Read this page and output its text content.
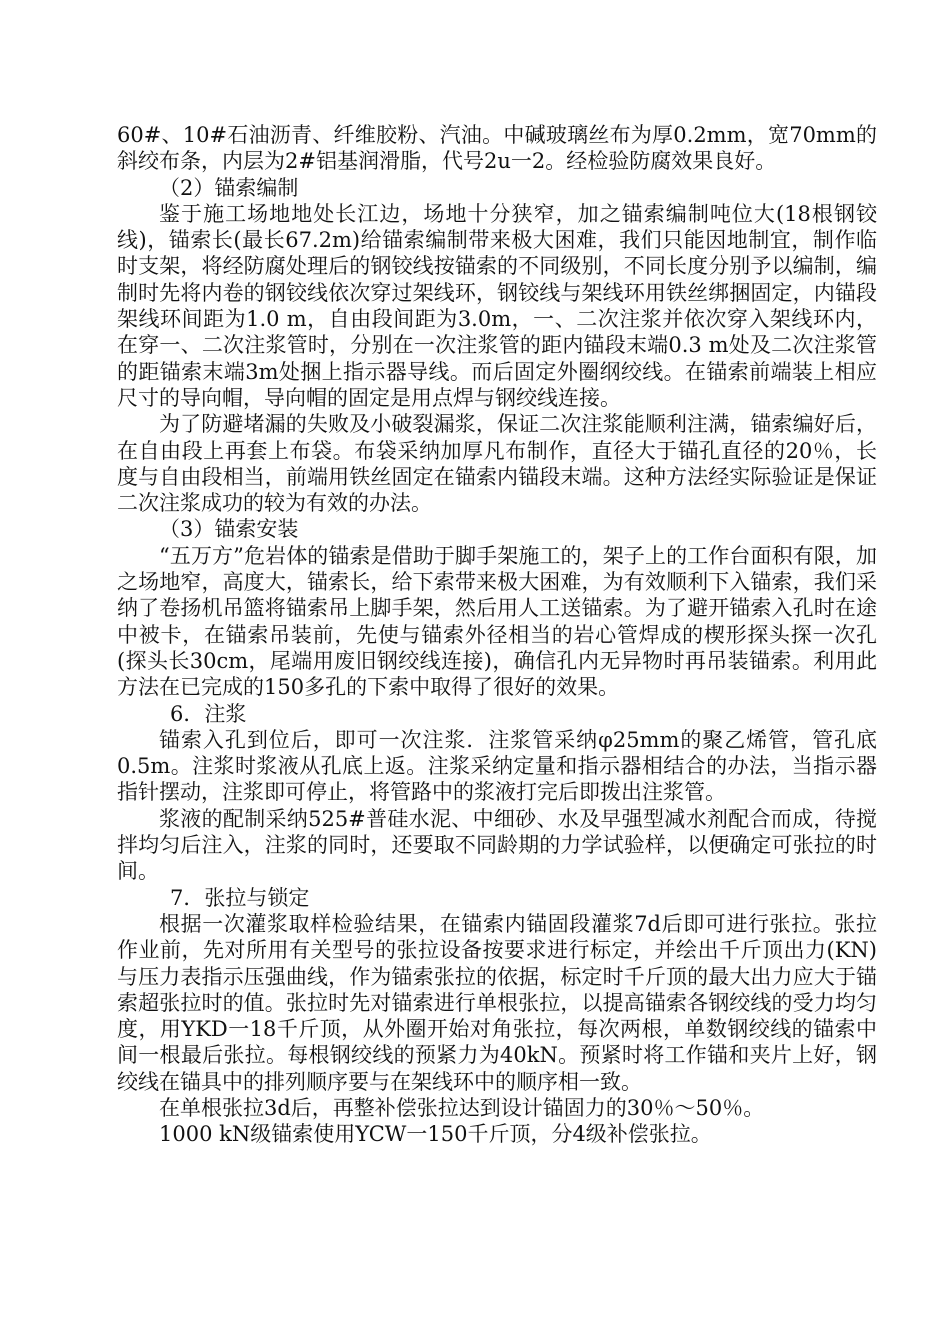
60#、10#石油沥青、纤维胶粉、汽油。中碱玻璃丝布为厚0.2mm，宽70mm的斜绞布条，内层为2#铝基润滑脂，代号2u一2。经检验防腐效果良好。

（2）锚索编制

鉴于施工场地地处长江边，场地十分狭窄，加之锚索编制吨位大(18根钢铰线)，锚索长(最长67.2m)给锚索编制带来极大困难，我们只能因地制宜，制作临时支架，将经防腐处理后的钢铰线按锚索的不同级别，不同长度分别予以编制，编制时先将内卷的钢铰线依次穿过架线环，钢铰线与架线环用铁丝绑捆固定，内锚段架线环间距为1.0 m，自由段间距为3.0m，一、二次注浆并依次穿入架线环内，在穿一、二次注浆管时，分别在一次注浆管的距内锚段末端0.3 m处及二次注浆管的距锚索末端3m处捆上指示器导线。而后固定外圈纲绞线。在锚索前端装上相应尺寸的导向帽，导向帽的固定是用点焊与钢绞线连接。

为了防避堵漏的失败及小破裂漏浆，保证二次注浆能顺利注满，锚索编好后，在自由段上再套上布袋。布袋采纳加厚凡布制作，直径大于锚孔直径的20％，长度与自由段相当，前端用铁丝固定在锚索内锚段末端。这种方法经实际验证是保证二次注浆成功的较为有效的办法。

（3）锚索安装

“五万方”危岩体的锚索是借助于脚手架施工的，架子上的工作台面积有限，加之场地窄，高度大，锚索长，给下索带来极大困难，为有效顺利下入锚索，我们采纳了卷扬机吊篮将锚索吊上脚手架，然后用人工送锚索。为了避开锚索入孔时在途中被卡，在锚索吊装前，先使与锚索外径相当的岩心管焊成的楔形探头探一次孔(探头长30cm，尾端用废旧钢绞线连接)，确信孔内无异物时再吊装锚索。利用此方法在已完成的150多孔的下索中取得了很好的效果。

6．注浆

锚索入孔到位后，即可一次注浆．注浆管采纳φ25mm的聚乙烯管，管孔底0.5m。注浆时浆液从孔底上返。注浆采纳定量和指示器相结合的办法，当指示器指针摆动，注浆即可停止，将管路中的浆液打完后即拨出注浆管。

浆液的配制采纳525#普硅水泥、中细砂、水及早强型减水剂配合而成，待搅拌均匀后注入，注浆的同时，还要取不同龄期的力学试验样，以便确定可张拉的时间。

7．张拉与锁定

根据一次灌浆取样检验结果，在锚索内锚固段灌浆7d后即可进行张拉。张拉作业前，先对所用有关型号的张拉设备按要求进行标定，并绘出千斤顶出力(KN)与压力表指示压强曲线，作为锚索张拉的依据，标定时千斤顶的最大出力应大于锚索超张拉时的值。张拉时先对锚索进行单根张拉，以提高锚索各钢绞线的受力均匀度，用YKD一18千斤顶，从外圈开始对角张拉，每次两根，单数钢绞线的锚索中间一根最后张拉。每根钢绞线的预紧力为40kN。预紧时将工作锚和夹片上好，钢绞线在锚具中的排列顺序要与在架线环中的顺序相一致。

在单根张拉3d后，再整补偿张拉达到设计锚固力的30％～50％。

1000 kN级锚索使用YCW一150千斤顶，分4级补偿张拉。
